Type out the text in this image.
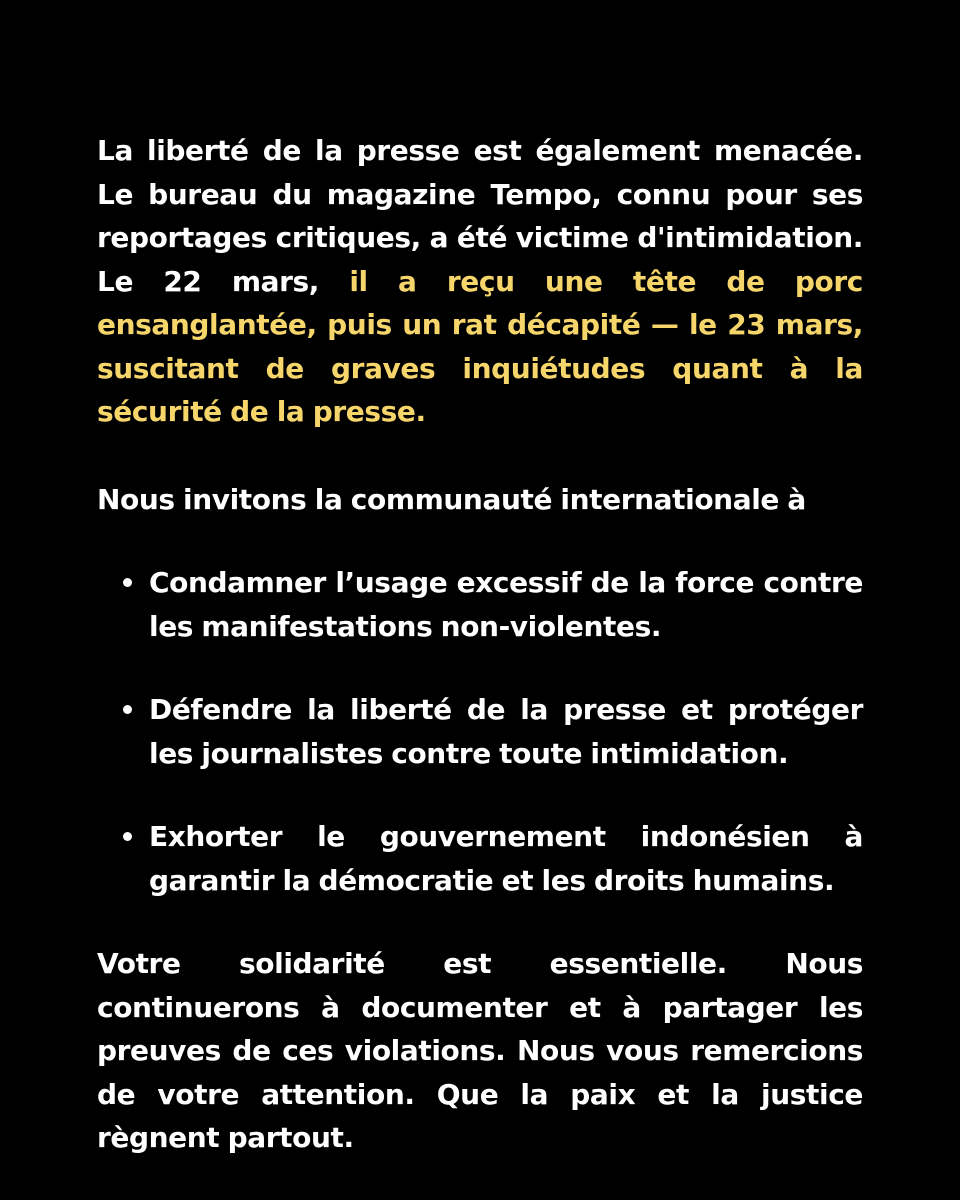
La liberté de la presse est également menacée. Le bureau du magazine Tempo, connu pour ses reportages critiques, a été victime d'intimidation. Le 22 mars, il a reçu une tête de porc ensanglantée, puis un rat décapité — le 23 mars, suscitant de graves inquiétudes quant à la sécurité de la presse.

Nous invitons la communauté internationale à

Condamner l’usage excessif de la force contre les manifestations non-violentes.

Défendre la liberté de la presse et protéger les journalistes contre toute intimidation.

Exhorter le gouvernement indonésien à garantir la démocratie et les droits humains.

Votre solidarité est essentielle. Nous continuerons à documenter et à partager les preuves de ces violations. Nous vous remercions de votre attention. Que la paix et la justice règnent partout.
